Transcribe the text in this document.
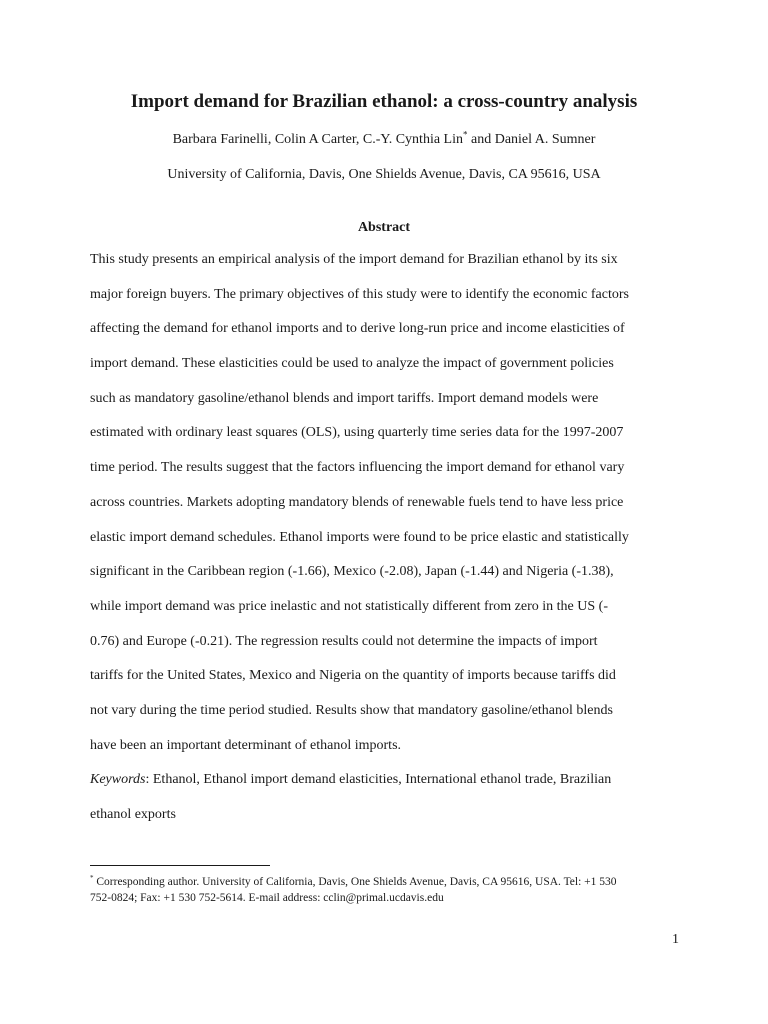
Import demand for Brazilian ethanol: a cross-country analysis

Barbara Farinelli, Colin A Carter, C.-Y. Cynthia Lin* and Daniel A. Sumner

University of California, Davis, One Shields Avenue, Davis, CA 95616, USA

Abstract
This study presents an empirical analysis of the import demand for Brazilian ethanol by its six
major foreign buyers. The primary objectives of this study were to identify the economic factors
affecting the demand for ethanol imports and to derive long-run price and income elasticities of
import demand. These elasticities could be used to analyze the impact of government policies
such as mandatory gasoline/ethanol blends and import tariffs. Import demand models were
estimated with ordinary least squares (OLS), using quarterly time series data for the 1997-2007
time period. The results suggest that the factors influencing the import demand for ethanol vary
across countries. Markets adopting mandatory blends of renewable fuels tend to have less price
elastic import demand schedules. Ethanol imports were found to be price elastic and statistically
significant in the Caribbean region (-1.66), Mexico (-2.08), Japan (-1.44) and Nigeria (-1.38),
while import demand was price inelastic and not statistically different from zero in the US (-
0.76) and Europe (-0.21). The regression results could not determine the impacts of import
tariffs for the United States, Mexico and Nigeria on the quantity of imports because tariffs did
not vary during the time period studied. Results show that mandatory gasoline/ethanol blends
have been an important determinant of ethanol imports.
Keywords: Ethanol, Ethanol import demand elasticities, International ethanol trade, Brazilian
ethanol exports
* Corresponding author. University of California, Davis, One Shields Avenue, Davis, CA 95616, USA. Tel: +1 530
752-0824; Fax: +1 530 752-5614. E-mail address: cclin@primal.ucdavis.edu
1
